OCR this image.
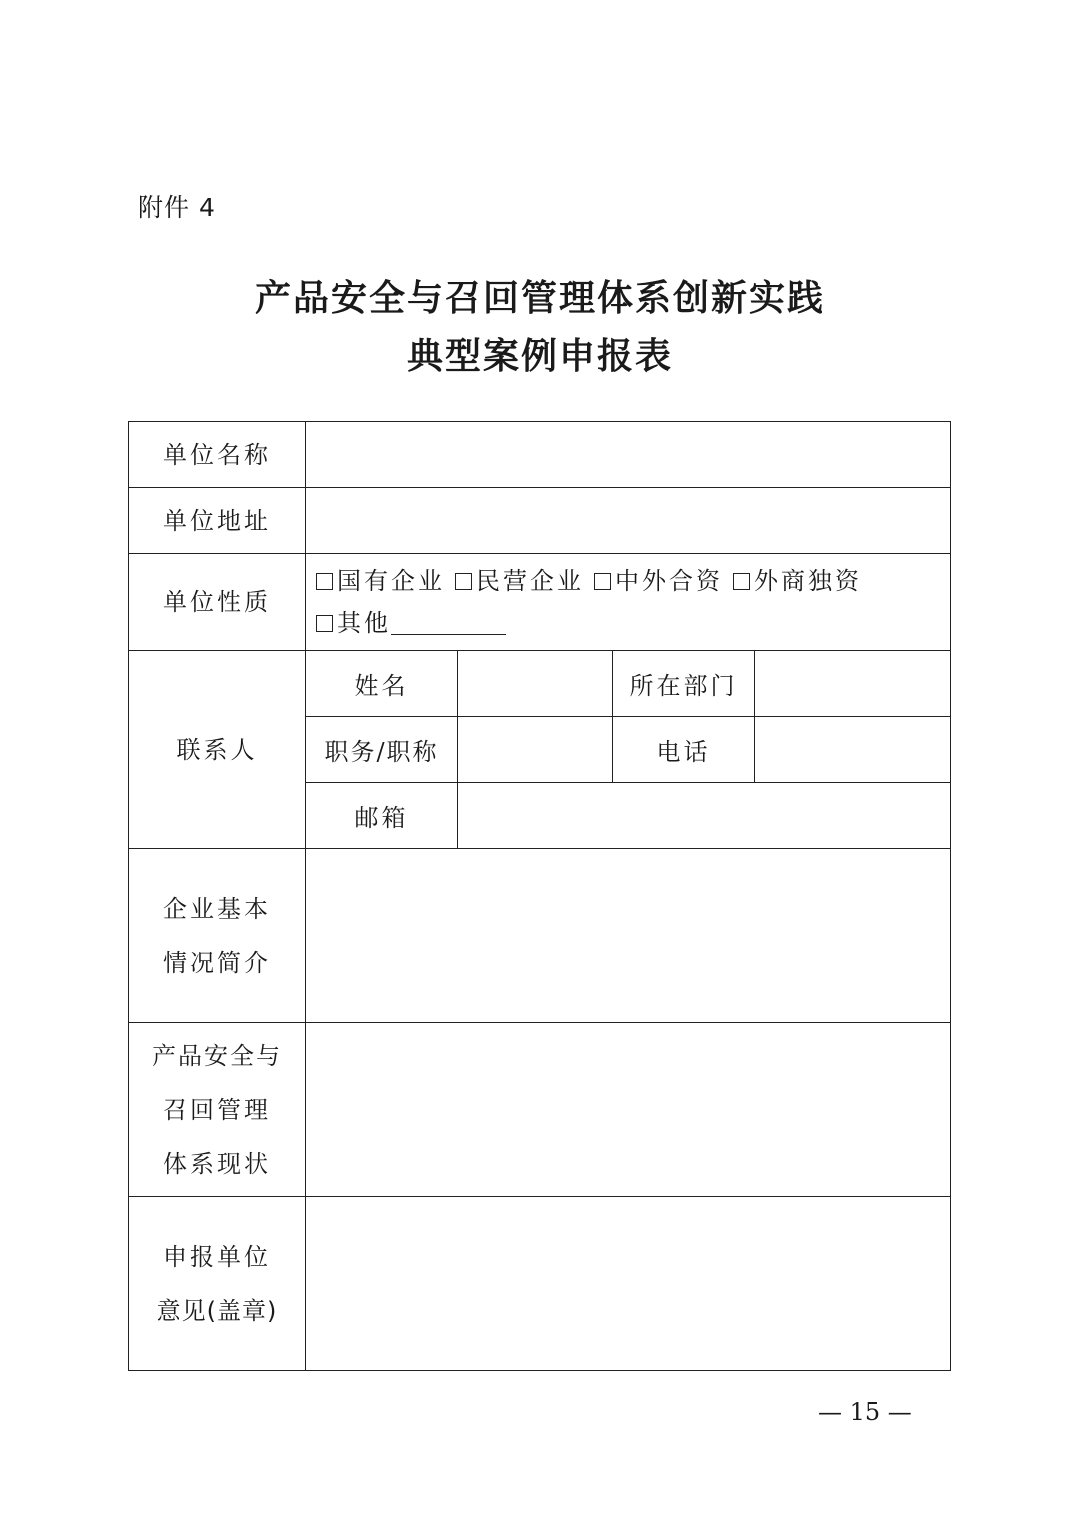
附件 4
产品安全与召回管理体系创新实践
典型案例申报表
单位名称				
单位地址				
单位性质	国有企业 民营企业 中外合资 外商独资
其他			
联系人	姓名		所在部门	
	职务/职称		电话	
	邮箱			

企业基本
情况简介				

产品安全与
召回管理
体系现状				

申报单位
意见(盖章)				

— 15 —
